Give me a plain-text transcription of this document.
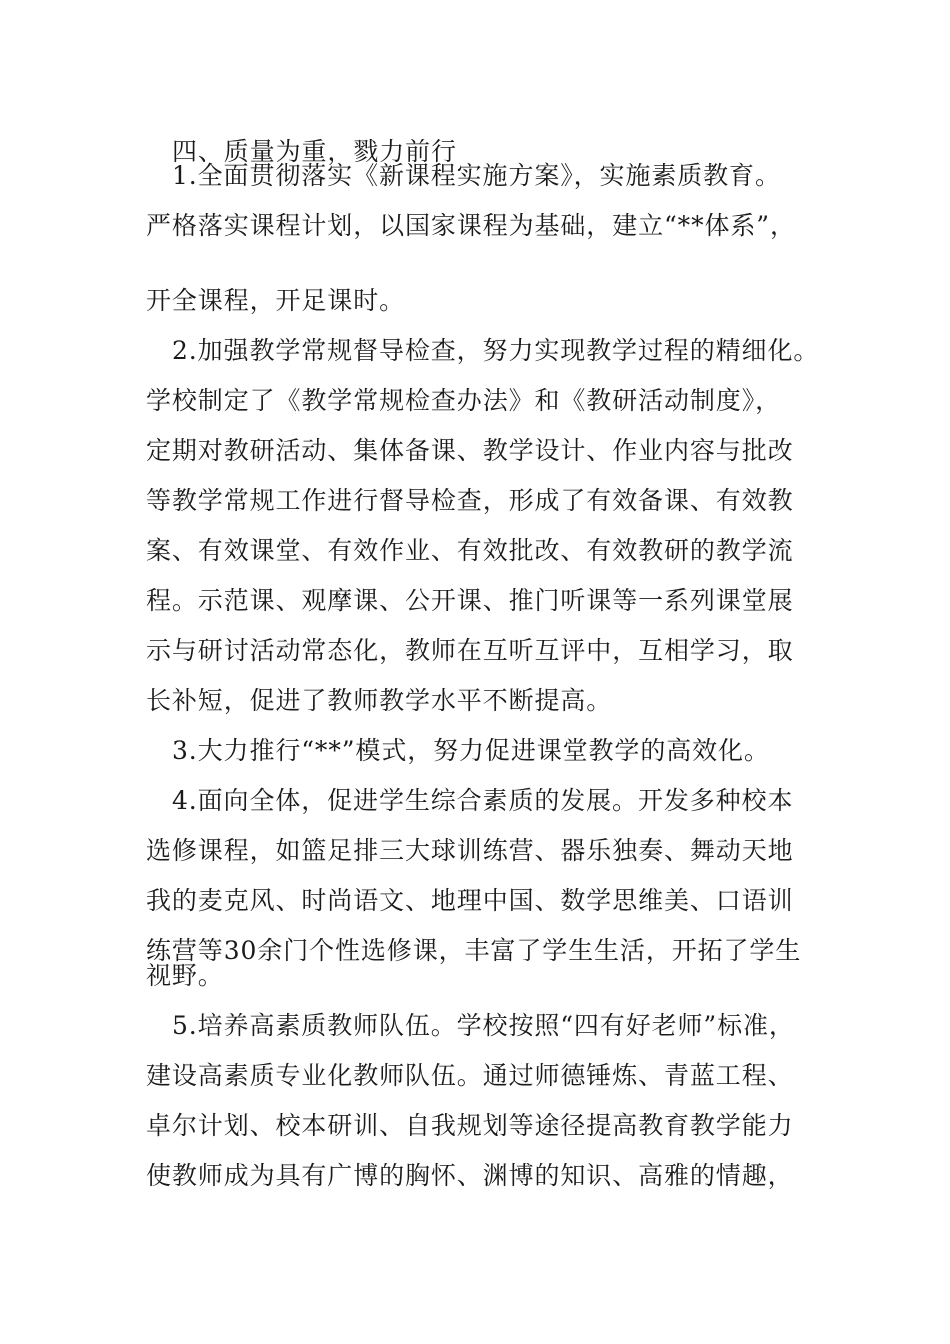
四、质量为重，戮力前行

1.全面贯彻落实《新课程实施方案》，实施素质教育。

严格落实课程计划，以国家课程为基础，建立“**体系”，

开全课程，开足课时。

2.加强教学常规督导检查，努力实现教学过程的精细化。

学校制定了《教学常规检查办法》和《教研活动制度》，

定期对教研活动、集体备课、教学设计、作业内容与批改

等教学常规工作进行督导检查，形成了有效备课、有效教

案、有效课堂、有效作业、有效批改、有效教研的教学流

程。示范课、观摩课、公开课、推门听课等一系列课堂展

示与研讨活动常态化，教师在互听互评中，互相学习，取

长补短，促进了教师教学水平不断提高。

3.大力推行“**”模式，努力促进课堂教学的高效化。

4.面向全体，促进学生综合素质的发展。开发多种校本

选修课程，如篮足排三大球训练营、器乐独奏、舞动天地

我的麦克风、时尚语文、地理中国、数学思维美、口语训

练营等30余门个性选修课，丰富了学生生活，开拓了学生

视野。

5.培养高素质教师队伍。学校按照“四有好老师”标准，

建设高素质专业化教师队伍。通过师德锤炼、青蓝工程、

卓尔计划、校本研训、自我规划等途径提高教育教学能力

使教师成为具有广博的胸怀、渊博的知识、高雅的情趣，
